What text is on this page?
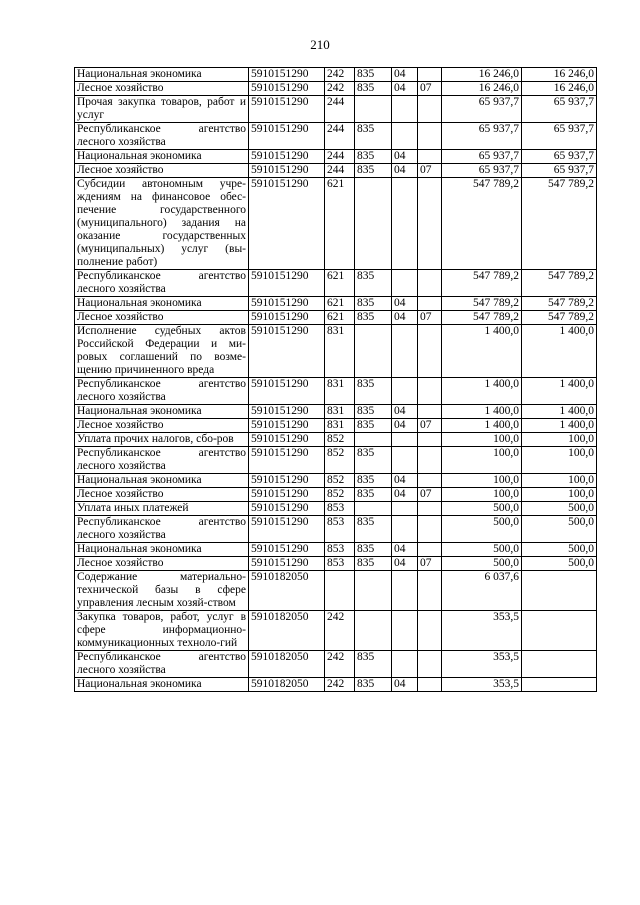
210
Национальная экономика	5910151290	242	835	04		16 246,0	16 246,0
Лесное хозяйство	5910151290	242	835	04	07	16 246,0	16 246,0
Прочая закупка товаров, работ и услуг	5910151290	244				65 937,7	65 937,7
Республиканское агентство лесного хозяйства	5910151290	244	835			65 937,7	65 937,7
Национальная экономика	5910151290	244	835	04		65 937,7	65 937,7
Лесное хозяйство	5910151290	244	835	04	07	65 937,7	65 937,7
Субсидии автономным учре-ждениям на финансовое обес-печение государственного (муниципального) задания на оказание государственных (муниципальных) услуг (вы-полнение работ)	5910151290	621				547 789,2	547 789,2
Республиканское агентство лесного хозяйства	5910151290	621	835			547 789,2	547 789,2
Национальная экономика	5910151290	621	835	04		547 789,2	547 789,2
Лесное хозяйство	5910151290	621	835	04	07	547 789,2	547 789,2
Исполнение судебных актов Российской Федерации и ми-ровых соглашений по возме-щению причиненного вреда	5910151290	831				1 400,0	1 400,0
Республиканское агентство лесного хозяйства	5910151290	831	835			1 400,0	1 400,0
Национальная экономика	5910151290	831	835	04		1 400,0	1 400,0
Лесное хозяйство	5910151290	831	835	04	07	1 400,0	1 400,0
Уплата прочих налогов, сбо-ров	5910151290	852				100,0	100,0
Республиканское агентство лесного хозяйства	5910151290	852	835			100,0	100,0
Национальная экономика	5910151290	852	835	04		100,0	100,0
Лесное хозяйство	5910151290	852	835	04	07	100,0	100,0
Уплата иных платежей	5910151290	853				500,0	500,0
Республиканское агентство лесного хозяйства	5910151290	853	835			500,0	500,0
Национальная экономика	5910151290	853	835	04		500,0	500,0
Лесное хозяйство	5910151290	853	835	04	07	500,0	500,0
Содержание материально-технической базы в сфере управления лесным хозяй-ством	5910182050					6 037,6	
Закупка товаров, работ, услуг в сфере информационно-коммуникационных техноло-гий	5910182050	242				353,5	
Республиканское агентство лесного хозяйства	5910182050	242	835			353,5	
Национальная экономика	5910182050	242	835	04		353,5	
